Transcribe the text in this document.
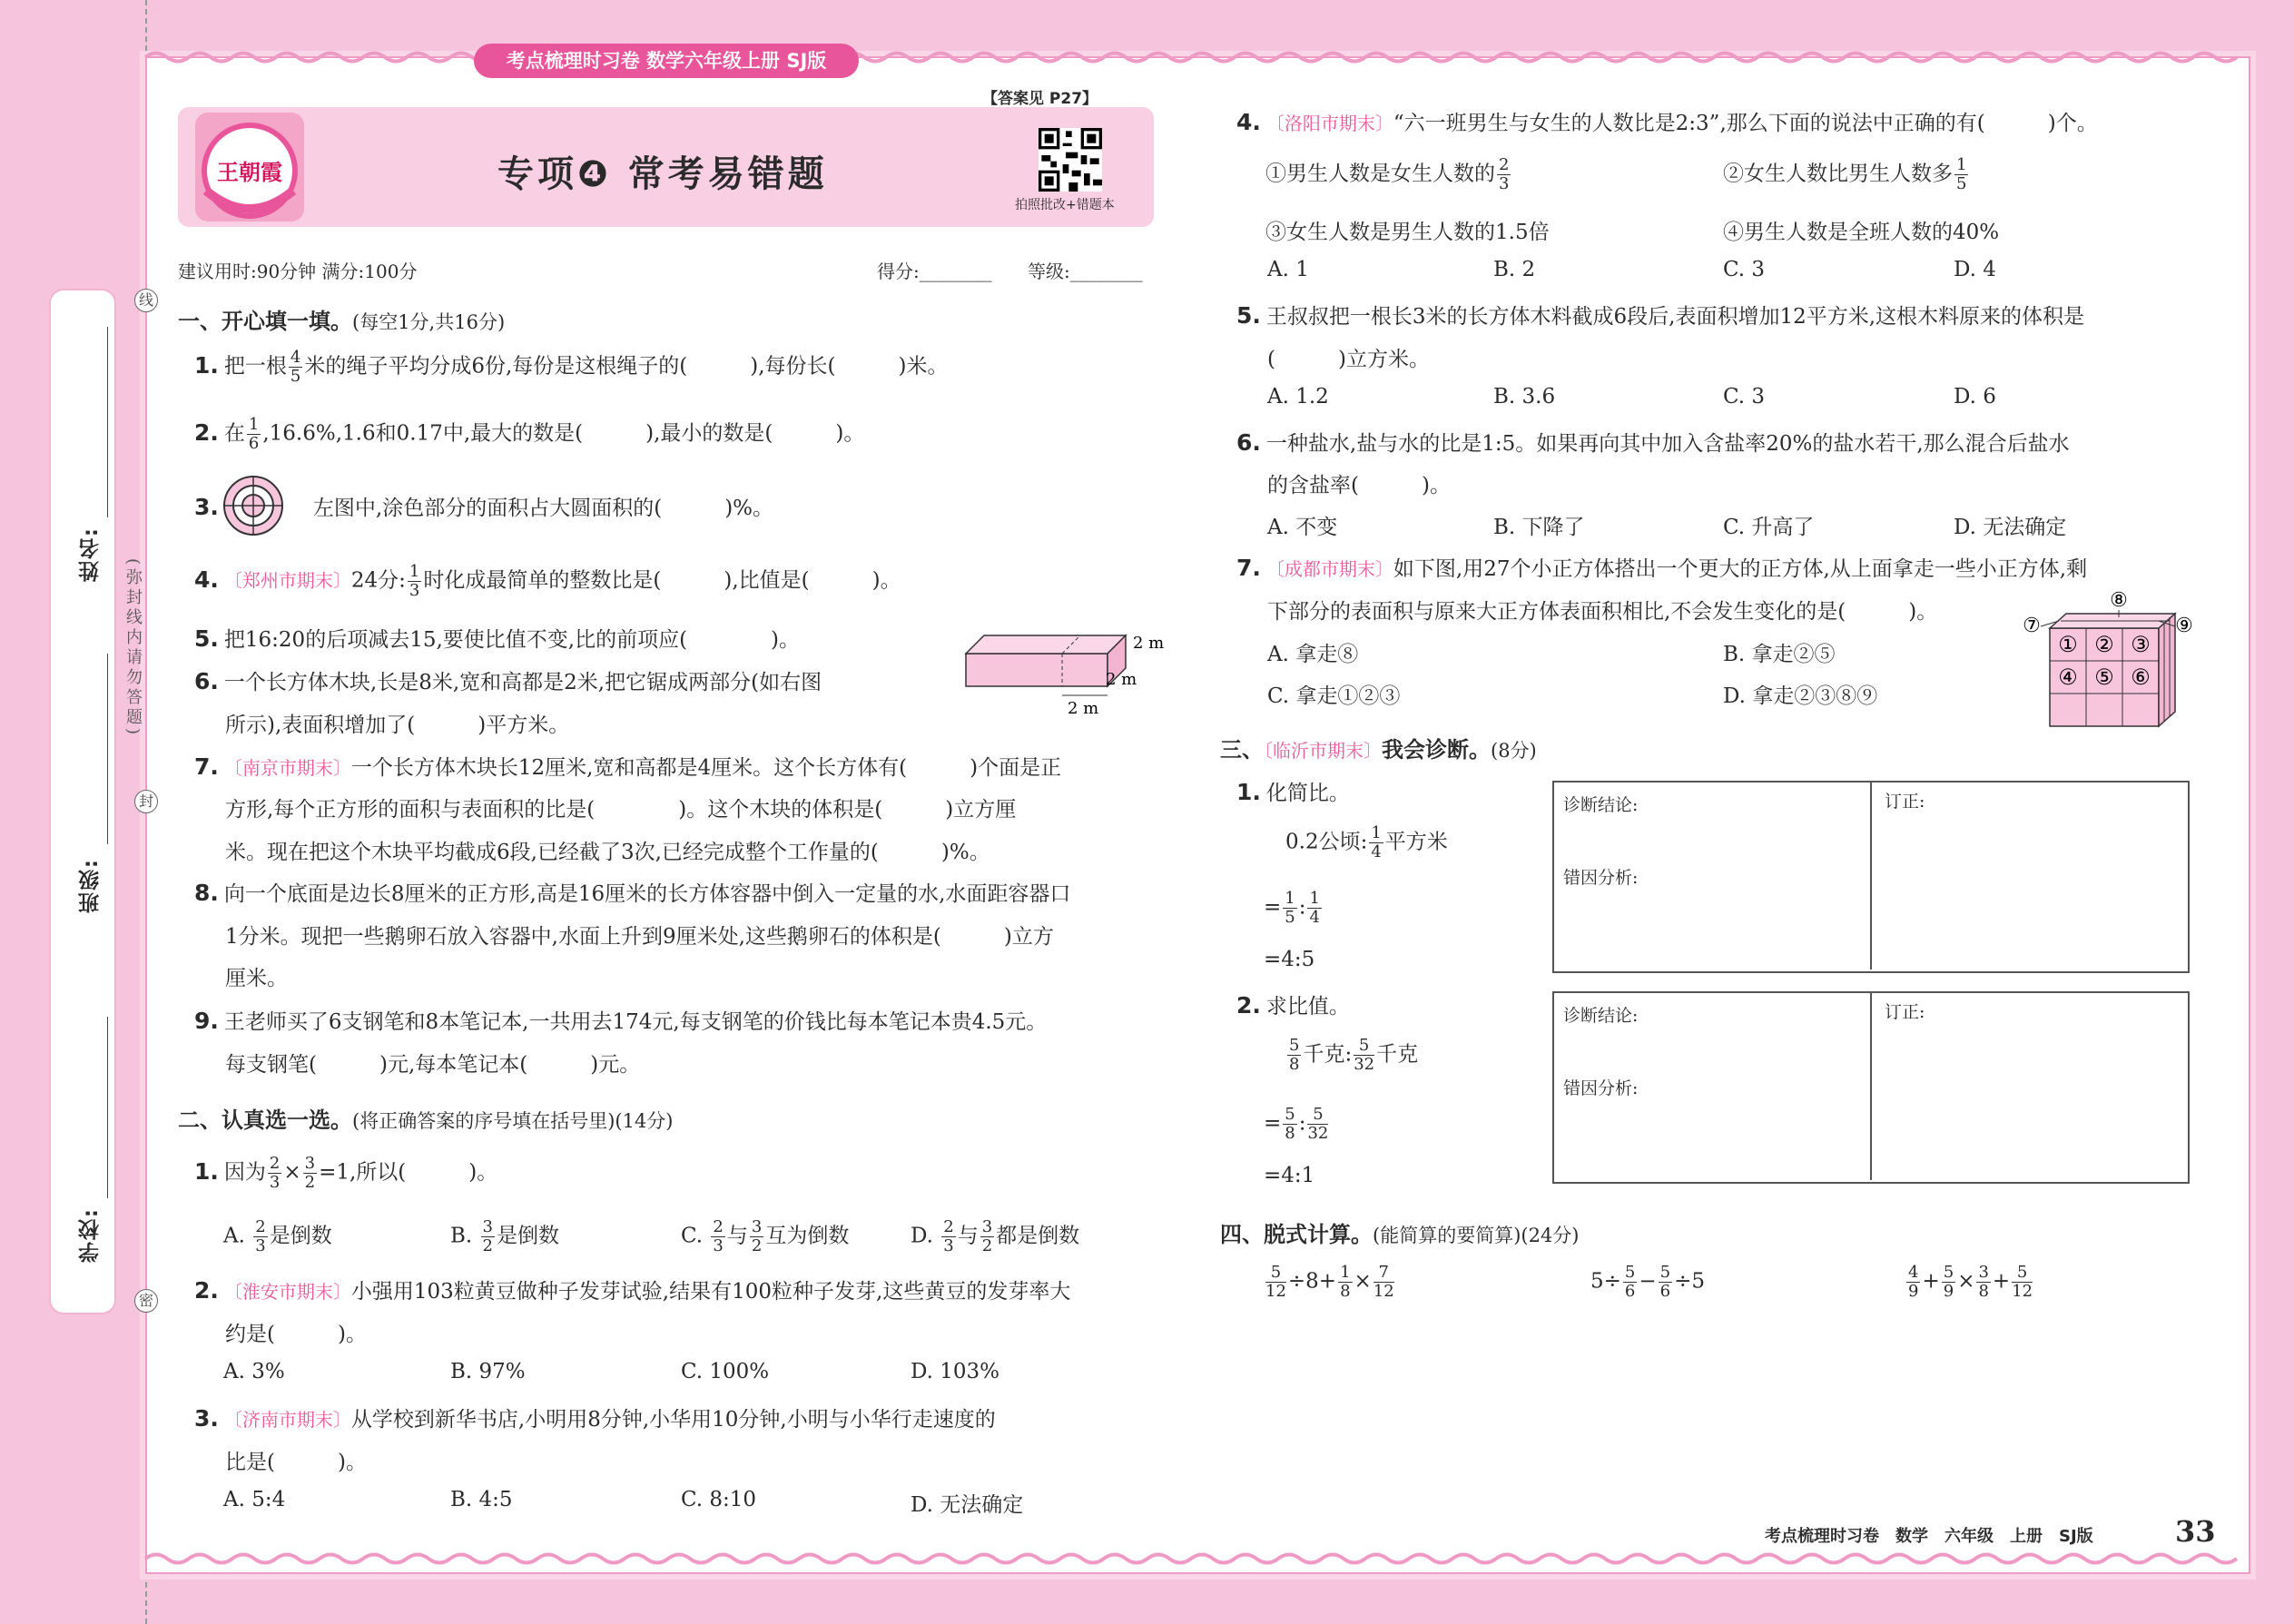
考点梳理时习卷 数学六年级上册 SJ版
姓名:
班级:
学校:
(弥封线内请勿答题)
线
封
密
王朝霞	专项❹ 常考易错题
【答案见 P27】
拍照批改+错题本
建议用时:90分钟 满分:100分	得分:________ 等级:________
一、开心填一填。(每空1分,共16分)
1. 把一根 $\frac{4}{5}$ 米的绳子平均分成6份,每份是这根绳子的(　　　),每份长(　　　)米。
2. 在 $\frac{1}{6} ,16.6\%,1.6$和0.17中,最大的数是(　　　),最小的数是(　　　)。
3.	左图中,涂色部分的面积占大圆面积的(　　　)%。
4. 〔郑州市期末〕24分: $\frac{1}{3}$ 时化成最简单的整数比是(　　　),比值是(　　　)。
5. 把16:20的后项减去15,要使比值不变,比的前项应(　　　　)。
6. 一个长方体木块,长是8米,宽和高都是2米,把它锯成两部分(如右图
所示),表面积增加了(　　　)平方米。
2 m
2 m
2 m
7. 〔南京市期末〕一个长方体木块长12厘米,宽和高都是4厘米。这个长方体有(　　　)个面是正
方形,每个正方形的面积与表面积的比是(　　　　)。这个木块的体积是(　　　)立方厘
米。现在把这个木块平均截成6段,已经截了3次,已经完成整个工作量的(　　　)%。
8. 向一个底面是边长8厘米的正方形,高是16厘米的长方体容器中倒入一定量的水,水面距容器口
1分米。现把一些鹅卵石放入容器中,水面上升到9厘米处,这些鹅卵石的体积是(　　　)立方
厘米。
9. 王老师买了6支钢笔和8本笔记本,一共用去174元,每支钢笔的价钱比每本笔记本贵4.5元。
每支钢笔(　　　)元,每本笔记本(　　　)元。
二、认真选一选。(将正确答案的序号填在括号里)(14分)
1. 因为 $\frac{2}{3} \times \frac{3}{2} =1$,所以(　　　)。
A. $\frac{2}{3}$ 是倒数	B. $\frac{3}{2}$ 是倒数	C. $\frac{2}{3}$ 与 $\frac{3}{2}$ 互为倒数	D. $\frac{2}{3}$ 与 $\frac{3}{2}$ 都是倒数
2. 〔淮安市期末〕小强用103粒黄豆做种子发芽试验,结果有100粒种子发芽,这些黄豆的发芽率大
约是(　　　)。
A. 3%	B. 97%	C. 100%	D. 103%
3. 〔济南市期末〕从学校到新华书店,小明用8分钟,小华用10分钟,小明与小华行走速度的
比是(　　　)。
A. 5:4	B. 4:5	C. 8:10	D. 无法确定
4. 〔洛阳市期末〕“六一班男生与女生的人数比是2:3”,那么下面的说法中正确的有(　　　)个。
①男生人数是女生人数的 $\frac{2}{3}$	②女生人数比男生人数多 $\frac{1}{5}$
③女生人数是男生人数的1.5倍	④男生人数是全班人数的40%
A. 1	B. 2	C. 3	D. 4
5. 王叔叔把一根长3米的长方体木料截成6段后,表面积增加12平方米,这根木料原来的体积是
(　　　)立方米。
A. 1.2	B. 3.6	C. 3	D. 6
6. 一种盐水,盐与水的比是1:5。如果再向其中加入含盐率20%的盐水若干,那么混合后盐水
的含盐率(　　　)。
A. 不变	B. 下降了	C. 升高了	D. 无法确定
7. 〔成都市期末〕如下图,用27个小正方体搭出一个更大的正方体,从上面拿走一些小正方体,剩
下部分的表面积与原来大正方体表面积相比,不会发生变化的是(　　　)。
A. 拿走⑧	B. 拿走②⑤
C. 拿走①②③	D. 拿走②③⑧⑨
① ② ③
④ ⑤ ⑥
⑦
⑧
⑨
三、〔临沂市期末〕我会诊断。(8分)
1. 化简比。
0.2公顷: $\frac{1}{4}$ 平方米
= $\frac{1}{5}$ : $\frac{1}{4}$
=4:5
诊断结论:
错因分析:
订正:
2. 求比值。
$\frac{5}{8}$ 千克: $\frac{5}{32}$ 千克
= $\frac{5}{8}$ : $\frac{5}{32}$
=4:1
诊断结论:
错因分析:
订正:
四、脱式计算。(能简算的要简算)(24分)
$\frac{5}{12} \div 8+ \frac{1}{8} \times \frac{7}{12}$	$5\div \frac{5}{6} - \frac{5}{6} \div 5$	$\frac{4}{9} + \frac{5}{9} \times \frac{3}{8} + \frac{5}{12}$
考点梳理时习卷　数学　六年级　上册　SJ版	33
